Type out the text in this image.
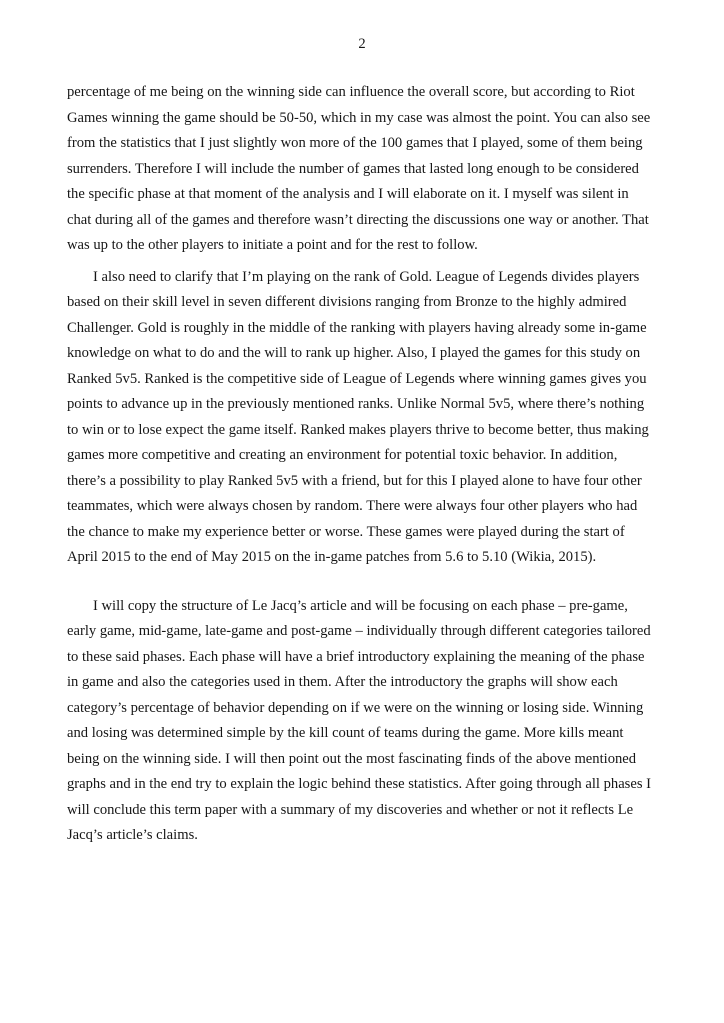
2
percentage of me being on the winning side can influence the overall score, but according to Riot
Games winning the game should be 50-50, which in my case was almost the point. You can also see
from the statistics that I just slightly won more of the 100 games that I played, some of them being
surrenders. Therefore I will include the number of games that lasted long enough to be considered
the specific phase at that moment of the analysis and I will elaborate on it. I myself was silent in
chat during all of the games and therefore wasn’t directing the discussions one way or another. That
was up to the other players to initiate a point and for the rest to follow.
I also need to clarify that I’m playing on the rank of Gold. League of Legends divides players
based on their skill level in seven different divisions ranging from Bronze to the highly admired
Challenger. Gold is roughly in the middle of the ranking with players having already some in-game
knowledge on what to do and the will to rank up higher. Also, I played the games for this study on
Ranked 5v5. Ranked is the competitive side of League of Legends where winning games gives you
points to advance up in the previously mentioned ranks. Unlike Normal 5v5, where there’s nothing
to win or to lose expect the game itself. Ranked makes players thrive to become better, thus making
games more competitive and creating an environment for potential toxic behavior. In addition,
there’s a possibility to play Ranked 5v5 with a friend, but for this I played alone to have four other
teammates, which were always chosen by random. There were always four other players who had
the chance to make my experience better or worse. These games were played during the start of
April 2015 to the end of May 2015 on the in-game patches from 5.6 to 5.10 (Wikia, 2015).
I will copy the structure of Le Jacq’s article and will be focusing on each phase – pre-game,
early game, mid-game, late-game and post-game – individually through different categories tailored
to these said phases. Each phase will have a brief introductory explaining the meaning of the phase
in game and also the categories used in them. After the introductory the graphs will show each
category’s percentage of behavior depending on if we were on the winning or losing side. Winning
and losing was determined simple by the kill count of teams during the game. More kills meant
being on the winning side. I will then point out the most fascinating finds of the above mentioned
graphs and in the end try to explain the logic behind these statistics. After going through all phases I
will conclude this term paper with a summary of my discoveries and whether or not it reflects Le
Jacq’s article’s claims.
